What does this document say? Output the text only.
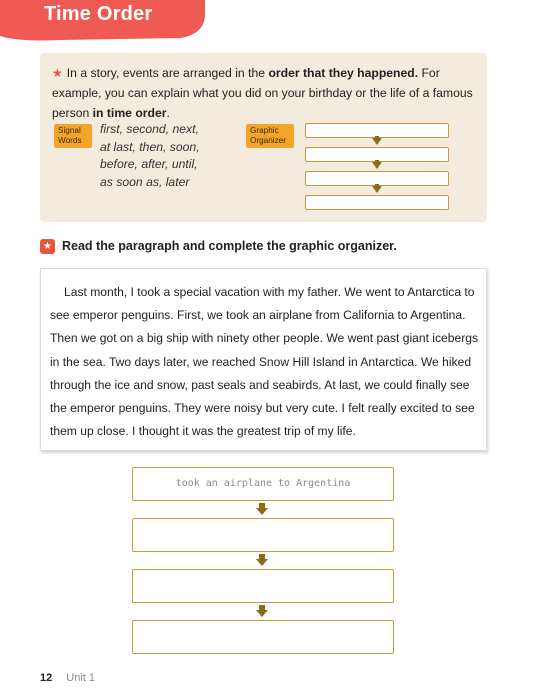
Time Order
★ In a story, events are arranged in the order that they happened. For example, you can explain what you did on your birthday or the life of a famous person in time order.
Signal Words
first, second, next,
at last, then, soon,
before, after, until,
as soon as, later
Graphic Organizer
★ Read the paragraph and complete the graphic organizer.
Last month, I took a special vacation with my father. We went to Antarctica to see emperor penguins. First, we took an airplane from California to Argentina. Then we got on a big ship with ninety other people. We went past giant icebergs in the sea. Two days later, we reached Snow Hill Island in Antarctica. We hiked through the ice and snow, past seals and seabirds. At last, we could finally see the emperor penguins. They were noisy but very cute. I felt really excited to see them up close. I thought it was the greatest trip of my life.
took an airplane to Argentina
12 Unit 1
